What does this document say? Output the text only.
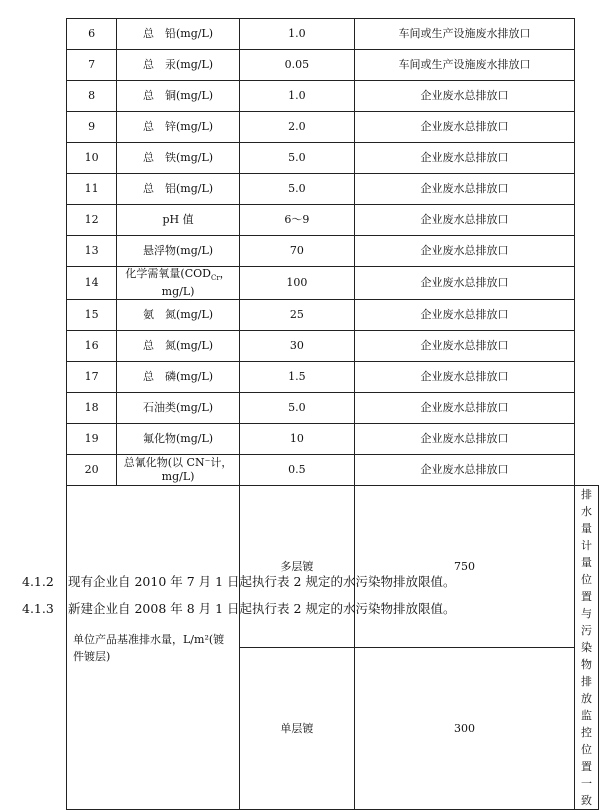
6	总　铅(mg/L)	1.0	车间或生产设施废水排放口	
7	总　汞(mg/L)	0.05	车间或生产设施废水排放口	
8	总　铜(mg/L)	1.0	企业废水总排放口	
9	总　锌(mg/L)	2.0	企业废水总排放口	
10	总　铁(mg/L)	5.0	企业废水总排放口	
11	总　铝(mg/L)	5.0	企业废水总排放口	
12	pH 值	6～9	企业废水总排放口	
13	悬浮物(mg/L)	70	企业废水总排放口	
14	化学需氧量($COD_{Cr}$，mg/L)	100	企业废水总排放口	
15	氨　氮(mg/L)	25	企业废水总排放口	
16	总　氮(mg/L)	30	企业废水总排放口	
17	总　磷(mg/L)	1.5	企业废水总排放口	
18	石油类(mg/L)	5.0	企业废水总排放口	
19	氟化物(mg/L)	10	企业废水总排放口	
20	总氰化物(以 CN⁻计，mg/L)	0.5	企业废水总排放口	
单位产品基准排水量，L/m²(镀件镀层)		多层镀	750	排水量计量位置与污染物排放监控位置一致
		单层镀	300	
4.1.2 现有企业自 2010 年 7 月 1 日起执行表 2 规定的水污染物排放限值。
4.1.3 新建企业自 2008 年 8 月 1 日起执行表 2 规定的水污染物排放限值。
